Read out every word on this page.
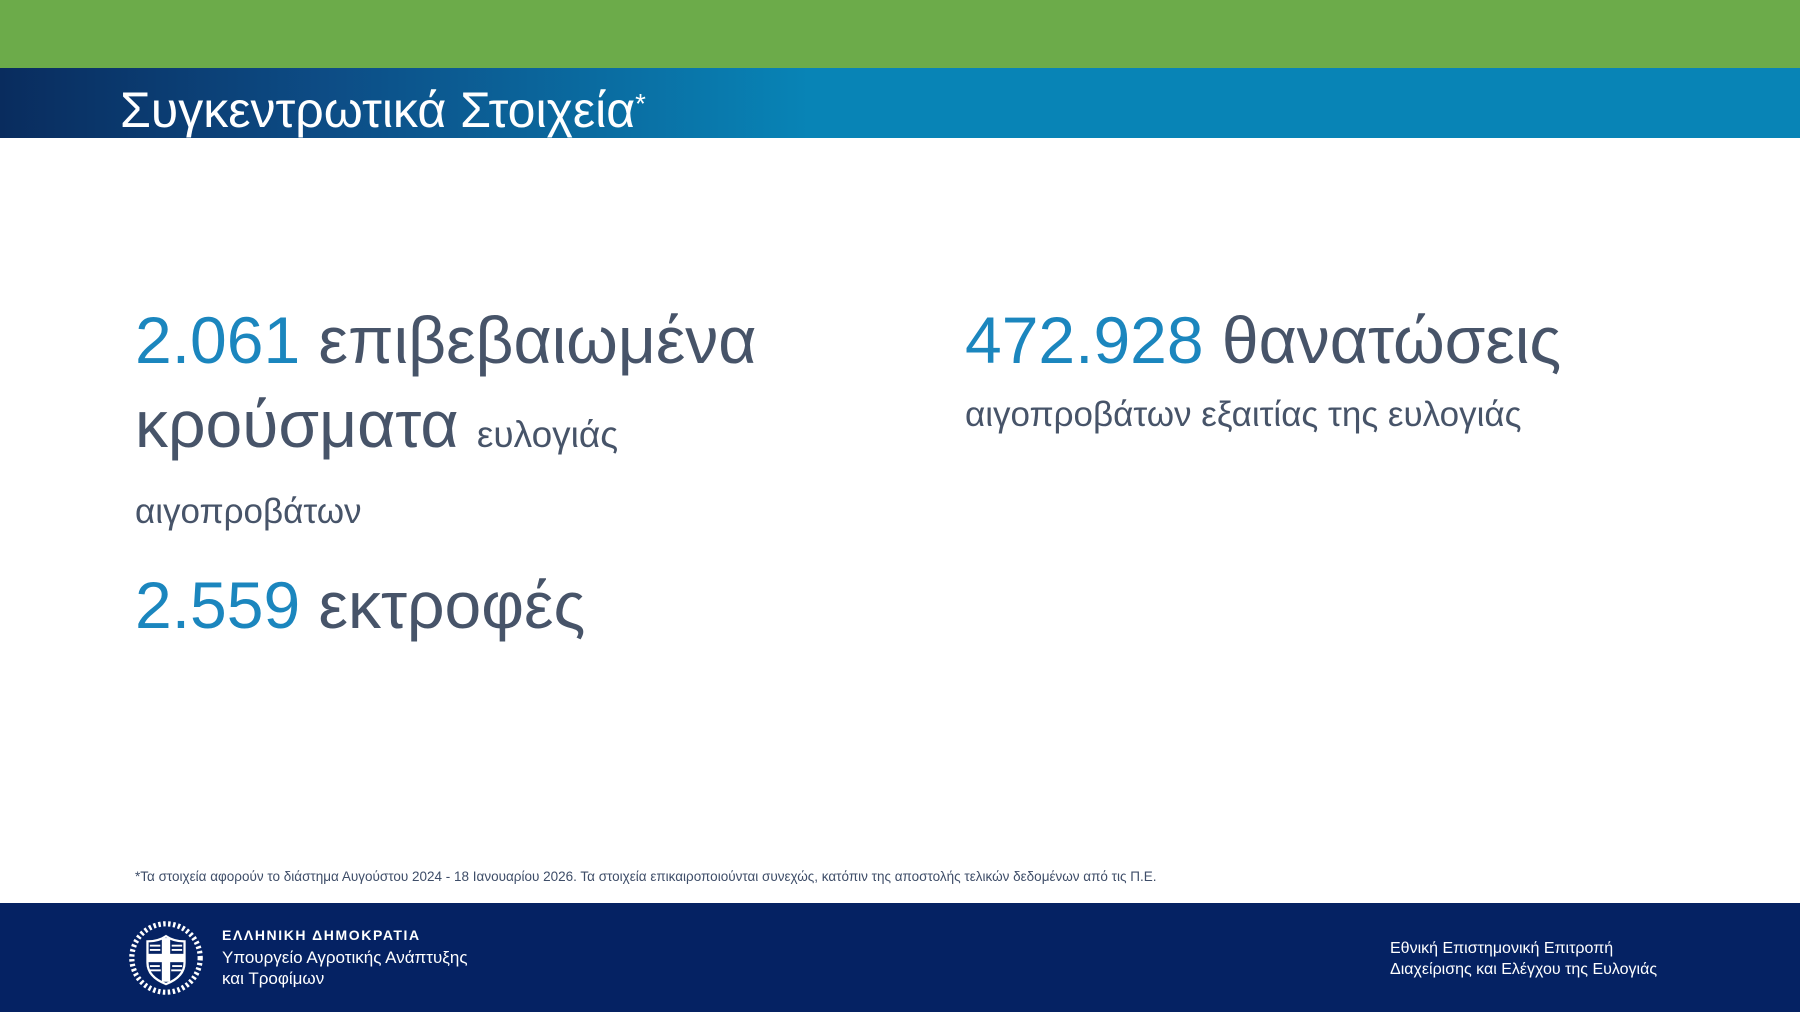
Συγκεντρωτικά Στοιχεία*
2.061 επιβεβαιωμένα
κρούσματα ευλογιάς
αιγοπροβάτων
2.559 εκτροφές
472.928 θανατώσεις
αιγοπροβάτων εξαιτίας της ευλογιάς
*Τα στοιχεία αφορούν το διάστημα Αυγούστου 2024 - 18 Ιανουαρίου 2026. Τα στοιχεία επικαιροποιούνται συνεχώς, κατόπιν της αποστολής τελικών δεδομένων από τις Π.Ε.
ΕΛΛΗΝΙΚΗ ΔΗΜΟΚΡΑΤΙΑ
Υπουργείο Αγροτικής Ανάπτυξης
και Τροφίμων
Εθνική Επιστημονική Επιτροπή
Διαχείρισης και Ελέγχου της Ευλογιάς
